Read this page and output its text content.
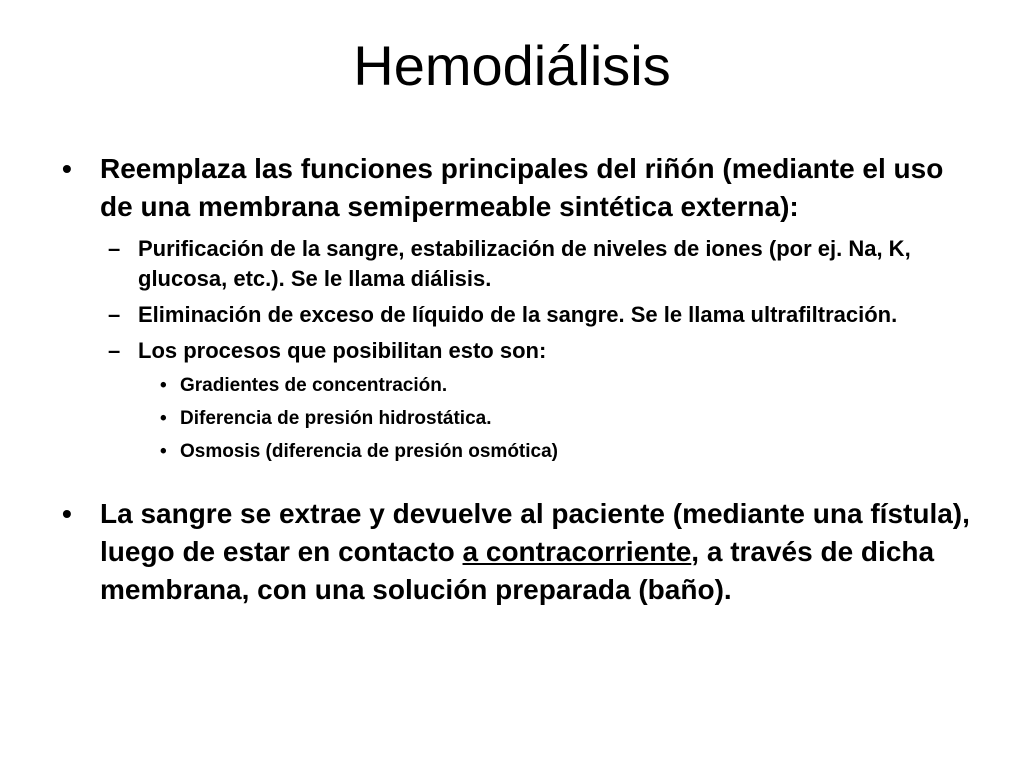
Hemodiálisis
•	Reemplaza las funciones principales del riñón (mediante el uso de una membrana semipermeable sintética externa):
– Purificación de la sangre, estabilización de niveles de iones (por ej. Na, K, glucosa, etc.). Se le llama diálisis.
– Eliminación de exceso de líquido de la sangre. Se le llama ultrafiltración.
– Los procesos que posibilitan esto son:
• Gradientes de concentración.
• Diferencia de presión hidrostática.
• Osmosis (diferencia de presión osmótica)
•	La sangre se extrae y devuelve al paciente (mediante una fístula), luego de estar en contacto a contracorriente, a través de dicha membrana, con una solución preparada (baño).
